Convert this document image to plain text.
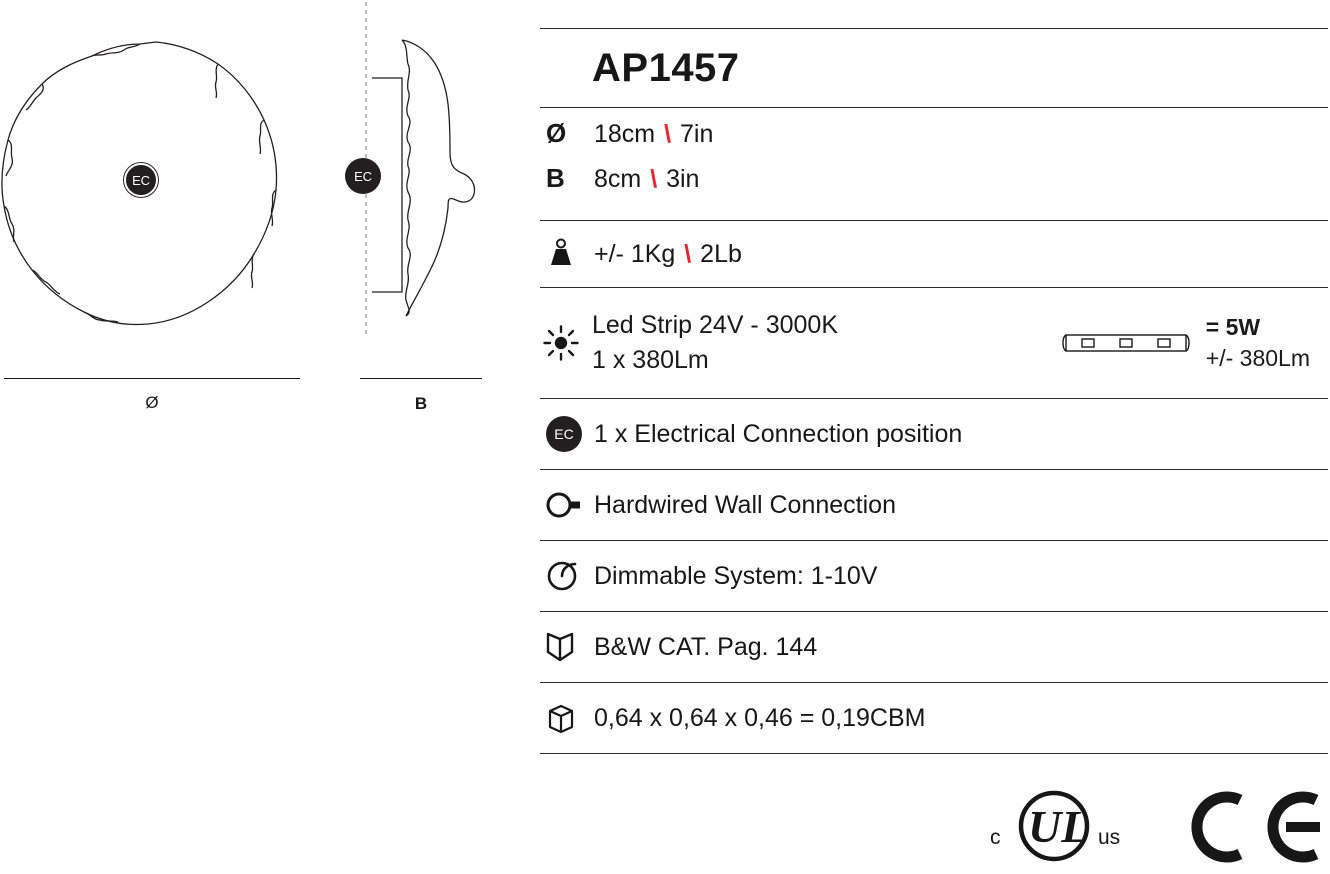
EC
Ø
EC
B
AP1457
Ø	18cm \ 7in
B	8cm \ 3in
+/- 1Kg \ 2Lb
Led Strip 24V - 3000K
1 x 380Lm
= 5W
+/- 380Lm
EC 1 x Electrical Connection position
Hardwired Wall Connection
Dimmable System: 1-10V
B&W CAT. Pag. 144
0,64 x 0,64 x 0,46 = 0,19CBM
c UL us
